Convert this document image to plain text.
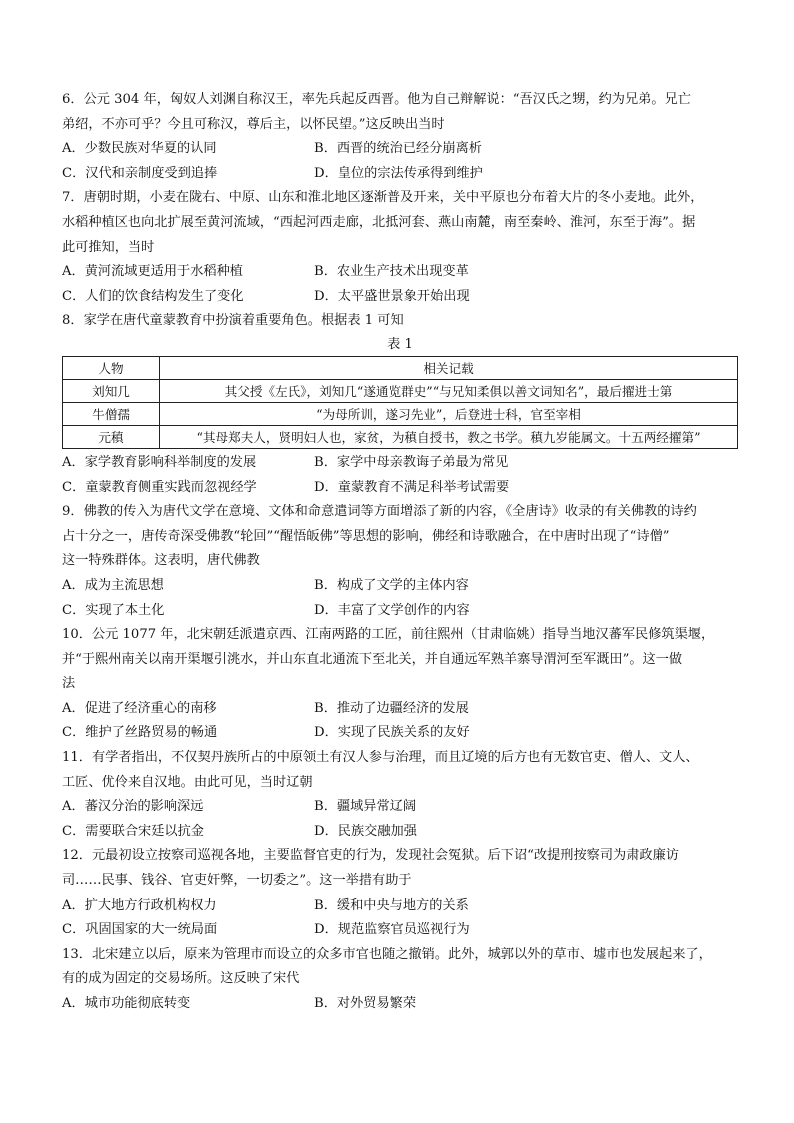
6．公元 304 年，匈奴人刘渊自称汉王，率先兵起反西晋。他为自己辩解说：“吾汉氏之甥，约为兄弟。兄亡
弟绍，不亦可乎？今且可称汉，尊后主，以怀民望。”这反映出当时
A．少数民族对华夏的认同	B．西晋的统治已经分崩离析
C．汉代和亲制度受到追捧	D．皇位的宗法传承得到维护
7．唐朝时期，小麦在陇右、中原、山东和淮北地区逐渐普及开来，关中平原也分布着大片的冬小麦地。此外，
水稻种植区也向北扩展至黄河流域，“西起河西走廊，北抵河套、燕山南麓，南至秦岭、淮河，东至于海”。据
此可推知，当时
A．黄河流域更适用于水稻种植	B．农业生产技术出现变革
C．人们的饮食结构发生了变化	D．太平盛世景象开始出现
8．家学在唐代童蒙教育中扮演着重要角色。根据表 1 可知
表 1
人物	相关记载
刘知几	其父授《左氏》，刘知几“遂通览群史”“与兄知柔俱以善文词知名”，最后擢进士第
牛僧孺	“为母所训，遂习先业”，后登进士科，官至宰相
元稹	“其母郑夫人，贤明妇人也，家贫，为稹自授书，教之书学。稹九岁能属文。十五两经擢第”
A．家学教育影响科举制度的发展	B．家学中母亲教诲子弟最为常见
C．童蒙教育侧重实践而忽视经学	D．童蒙教育不满足科举考试需要
9．佛教的传入为唐代文学在意境、文体和命意遣词等方面增添了新的内容，《全唐诗》收录的有关佛教的诗约
占十分之一，唐传奇深受佛教“轮回”“醒悟皈佛”等思想的影响，佛经和诗歌融合，在中唐时出现了“诗僧”
这一特殊群体。这表明，唐代佛教
A．成为主流思想	B．构成了文学的主体内容
C．实现了本土化	D．丰富了文学创作的内容
10．公元 1077 年，北宋朝廷派遣京西、江南两路的工匠，前往熙州（甘肃临姚）指导当地汉蕃军民修筑渠堰，
并“于熙州南关以南开渠堰引洮水，并山东直北通流下至北关，并自通远军熟羊寨导渭河至军溉田”。这一做
法
A．促进了经济重心的南移	B．推动了边疆经济的发展
C．维护了丝路贸易的畅通	D．实现了民族关系的友好
11．有学者指出，不仅契丹族所占的中原领土有汉人参与治理，而且辽境的后方也有无数官吏、僧人、文人、
工匠、优伶来自汉地。由此可见，当时辽朝
A．蕃汉分治的影响深远	B．疆域异常辽阔
C．需要联合宋廷以抗金	D．民族交融加强
12．元最初设立按察司巡视各地，主要监督官吏的行为，发现社会冤狱。后下诏“改提刑按察司为肃政廉访
司……民事、钱谷、官吏奸弊，一切委之”。这一举措有助于
A．扩大地方行政机构权力	B．缓和中央与地方的关系
C．巩固国家的大一统局面	D．规范监察官员巡视行为
13．北宋建立以后，原来为管理市而设立的众多市官也随之撤销。此外，城郭以外的草市、墟市也发展起来了，
有的成为固定的交易场所。这反映了宋代
A．城市功能彻底转变	B．对外贸易繁荣
